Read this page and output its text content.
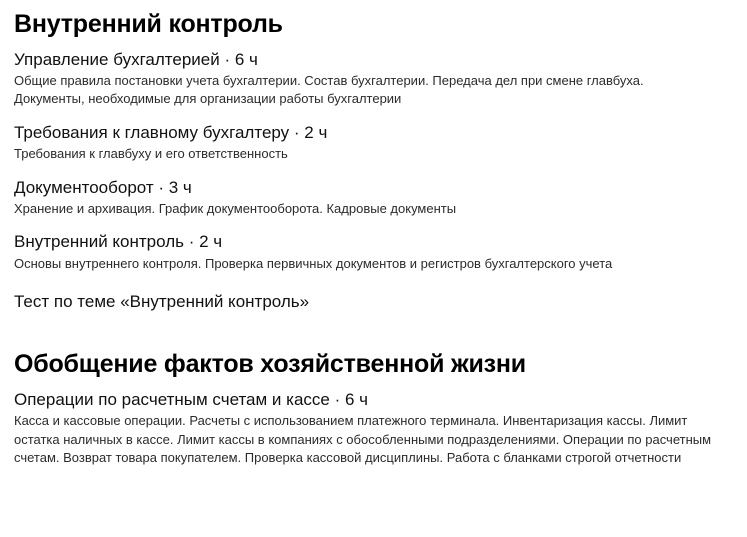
Внутренний контроль
Управление бухгалтерией · 6 ч

Общие правила постановки учета бухгалтерии. Состав бухгалтерии. Передача дел при смене главбуха. Документы, необходимые для организации работы бухгалтерии

Требования к главному бухгалтеру · 2 ч

Требования к главбуху и его ответственность

Документооборот · 3 ч

Хранение и архивация. График документооборота. Кадровые документы

Внутренний контроль · 2 ч

Основы внутреннего контроля. Проверка первичных документов и регистров бухгалтерского учета

Тест по теме «Внутренний контроль»
Обобщение фактов хозяйственной жизни
Операции по расчетным счетам и кассе · 6 ч

Касса и кассовые операции. Расчеты с использованием платежного терминала. Инвентаризация кассы. Лимит остатка наличных в кассе. Лимит кассы в компаниях с обособленными подразделениями. Операции по расчетным счетам. Возврат товара покупателем. Проверка кассовой дисциплины. Работа с бланками строгой отчетности
